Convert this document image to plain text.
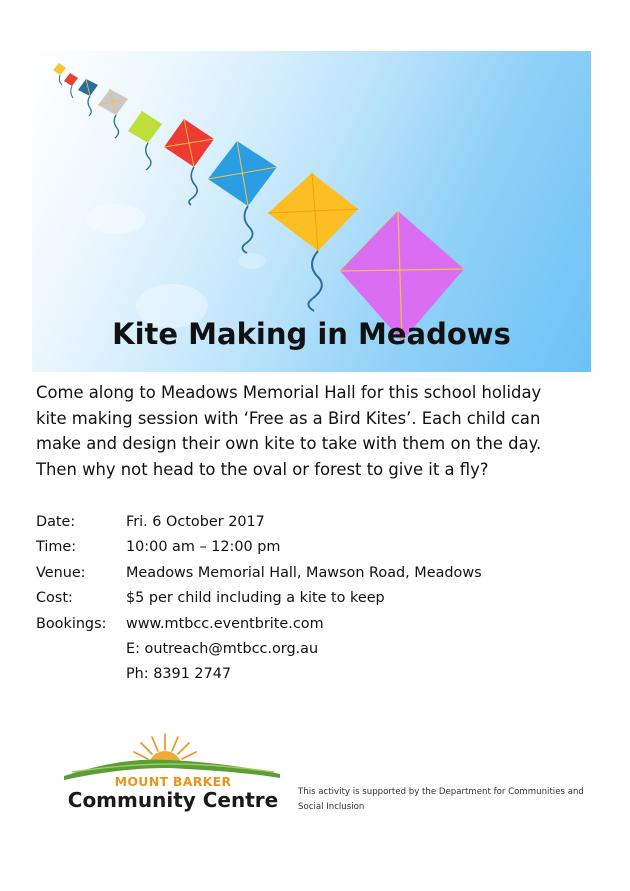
Kite Making in Meadows
Come along to Meadows Memorial Hall for this school holiday
kite making session with ‘Free as a Bird Kites’. Each child can
make and design their own kite to take with them on the day.
Then why not head to the oval or forest to give it a fly?
Date:	Fri. 6 October 2017
Time:	10:00 am – 12:00 pm
Venue:	Meadows Memorial Hall, Mawson Road, Meadows
Cost:	$5 per child including a kite to keep
Bookings:	www.mtbcc.eventbrite.com
E: outreach@mtbcc.org.au
Ph: 8391 2747
MOUNT BARKER
Community Centre	This activity is supported by the Department for Communities and
Social Inclusion
